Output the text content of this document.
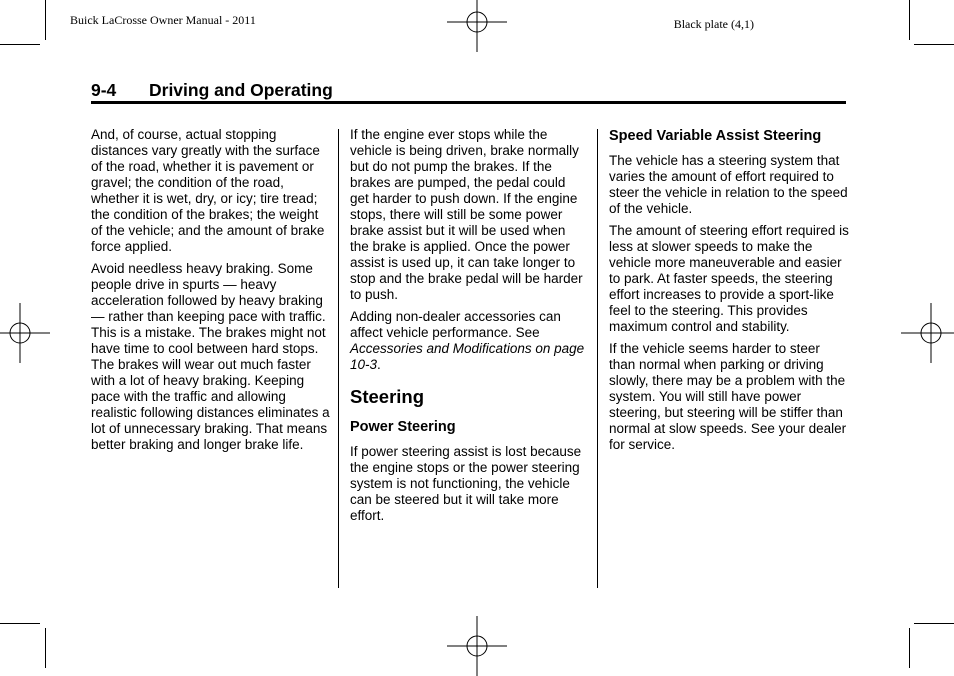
Buick LaCrosse Owner Manual - 2011	Black plate (4,1)
9-4 Driving and Operating

And, of course, actual stopping distances vary greatly with the surface of the road, whether it is pavement or gravel; the condition of the road, whether it is wet, dry, or icy; tire tread; the condition of the brakes; the weight of the vehicle; and the amount of brake force applied.

Avoid needless heavy braking. Some people drive in spurts — heavy acceleration followed by heavy braking — rather than keeping pace with traffic. This is a mistake. The brakes might not have time to cool between hard stops. The brakes will wear out much faster with a lot of heavy braking. Keeping pace with the traffic and allowing realistic following distances eliminates a lot of unnecessary braking. That means better braking and longer brake life.

If the engine ever stops while the vehicle is being driven, brake normally but do not pump the brakes. If the brakes are pumped, the pedal could get harder to push down. If the engine stops, there will still be some power brake assist but it will be used when the brake is applied. Once the power assist is used up, it can take longer to stop and the brake pedal will be harder to push.

Adding non-dealer accessories can affect vehicle performance. See Accessories and Modifications on page 10-3.

Steering
Power Steering

If power steering assist is lost because the engine stops or the power steering system is not functioning, the vehicle can be steered but it will take more effort.

Speed Variable Assist Steering

The vehicle has a steering system that varies the amount of effort required to steer the vehicle in relation to the speed of the vehicle.

The amount of steering effort required is less at slower speeds to make the vehicle more maneuverable and easier to park. At faster speeds, the steering effort increases to provide a sport-like feel to the steering. This provides maximum control and stability.

If the vehicle seems harder to steer than normal when parking or driving slowly, there may be a problem with the system. You will still have power steering, but steering will be stiffer than normal at slow speeds. See your dealer for service.
